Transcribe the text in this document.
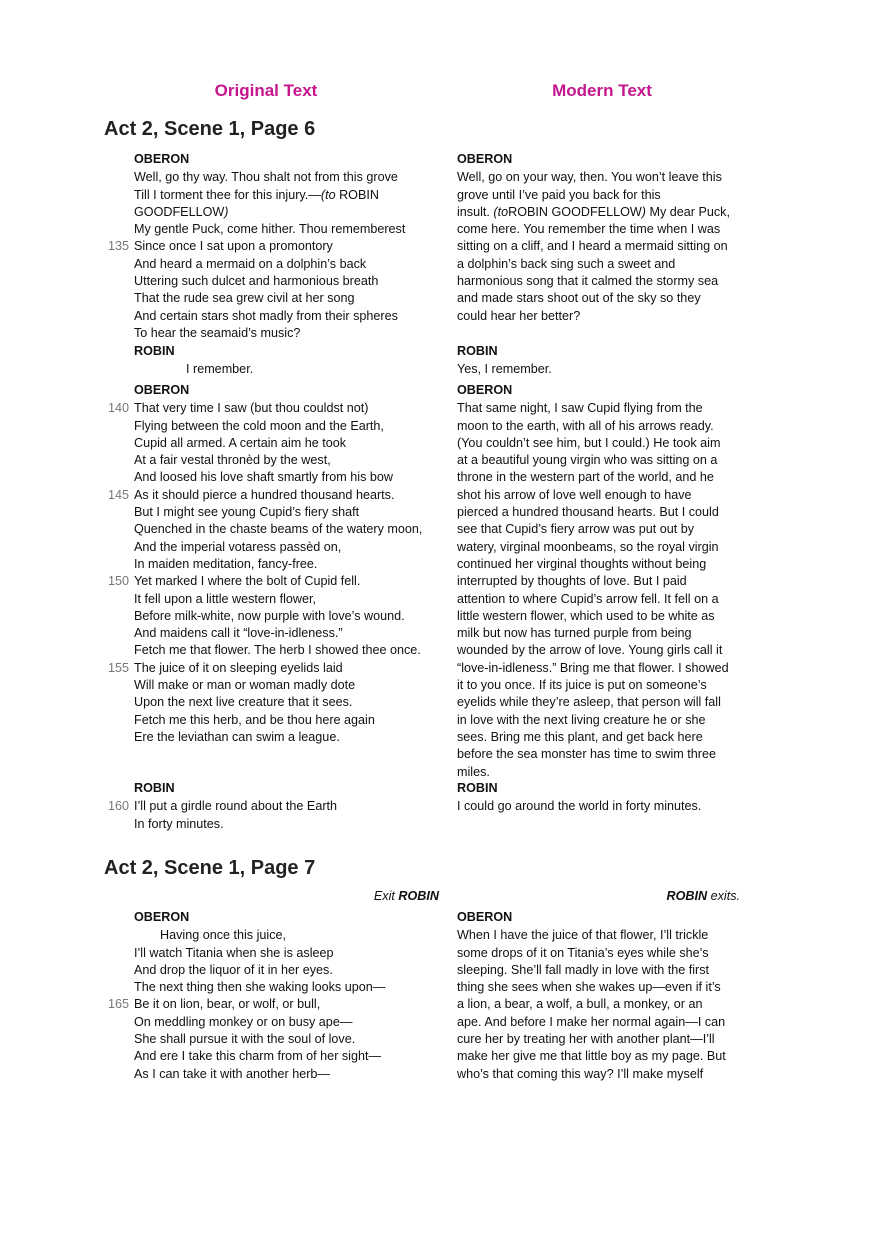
Original Text	Modern Text
Act 2, Scene 1, Page 6
OBERON
Well, go thy way. Thou shalt not from this grove
Till I torment thee for this injury.—(to ROBIN
GOODFELLOW)
My gentle Puck, come hither. Thou rememberest
135 Since once I sat upon a promontory
And heard a mermaid on a dolphin’s back
Uttering such dulcet and harmonious breath
That the rude sea grew civil at her song
And certain stars shot madly from their spheres
To hear the seamaid’s music?
OBERON
Well, go on your way, then. You won’t leave this
grove until I’ve paid you back for this
insult. (toROBIN GOODFELLOW) My dear Puck,
come here. You remember the time when I was
sitting on a cliff, and I heard a mermaid sitting on
a dolphin’s back sing such a sweet and
harmonious song that it calmed the stormy sea
and made stars shoot out of the sky so they
could hear her better?
ROBIN
I remember.
ROBIN
Yes, I remember.
OBERON
140 That very time I saw (but thou couldst not)
Flying between the cold moon and the Earth,
Cupid all armed. A certain aim he took
At a fair vestal thronèd by the west,
And loosed his love shaft smartly from his bow
145 As it should pierce a hundred thousand hearts.
But I might see young Cupid’s fiery shaft
Quenched in the chaste beams of the watery moon,
And the imperial votaress passèd on,
In maiden meditation, fancy-free.
150 Yet marked I where the bolt of Cupid fell.
It fell upon a little western flower,
Before milk-white, now purple with love’s wound.
And maidens call it “love-in-idleness.”
Fetch me that flower. The herb I showed thee once.
155 The juice of it on sleeping eyelids laid
Will make or man or woman madly dote
Upon the next live creature that it sees.
Fetch me this herb, and be thou here again
Ere the leviathan can swim a league.
OBERON
That same night, I saw Cupid flying from the
moon to the earth, with all of his arrows ready.
(You couldn’t see him, but I could.) He took aim
at a beautiful young virgin who was sitting on a
throne in the western part of the world, and he
shot his arrow of love well enough to have
pierced a hundred thousand hearts. But I could
see that Cupid’s fiery arrow was put out by
watery, virginal moonbeams, so the royal virgin
continued her virginal thoughts without being
interrupted by thoughts of love. But I paid
attention to where Cupid’s arrow fell. It fell on a
little western flower, which used to be white as
milk but now has turned purple from being
wounded by the arrow of love. Young girls call it
“love-in-idleness.” Bring me that flower. I showed
it to you once. If its juice is put on someone’s
eyelids while they’re asleep, that person will fall
in love with the next living creature he or she
sees. Bring me this plant, and get back here
before the sea monster has time to swim three
miles.
ROBIN
160 I’ll put a girdle round about the Earth
In forty minutes.
ROBIN
I could go around the world in forty minutes.
Act 2, Scene 1, Page 7
Exit ROBIN	ROBIN exits.
OBERON
Having once this juice,
I’ll watch Titania when she is asleep
And drop the liquor of it in her eyes.
The next thing then she waking looks upon—
165 Be it on lion, bear, or wolf, or bull,
On meddling monkey or on busy ape—
She shall pursue it with the soul of love.
And ere I take this charm from of her sight—
As I can take it with another herb—
OBERON
When I have the juice of that flower, I’ll trickle
some drops of it on Titania’s eyes while she’s
sleeping. She’ll fall madly in love with the first
thing she sees when she wakes up—even if it’s
a lion, a bear, a wolf, a bull, a monkey, or an
ape. And before I make her normal again—I can
cure her by treating her with another plant—I’ll
make her give me that little boy as my page. But
who’s that coming this way? I’ll make myself
